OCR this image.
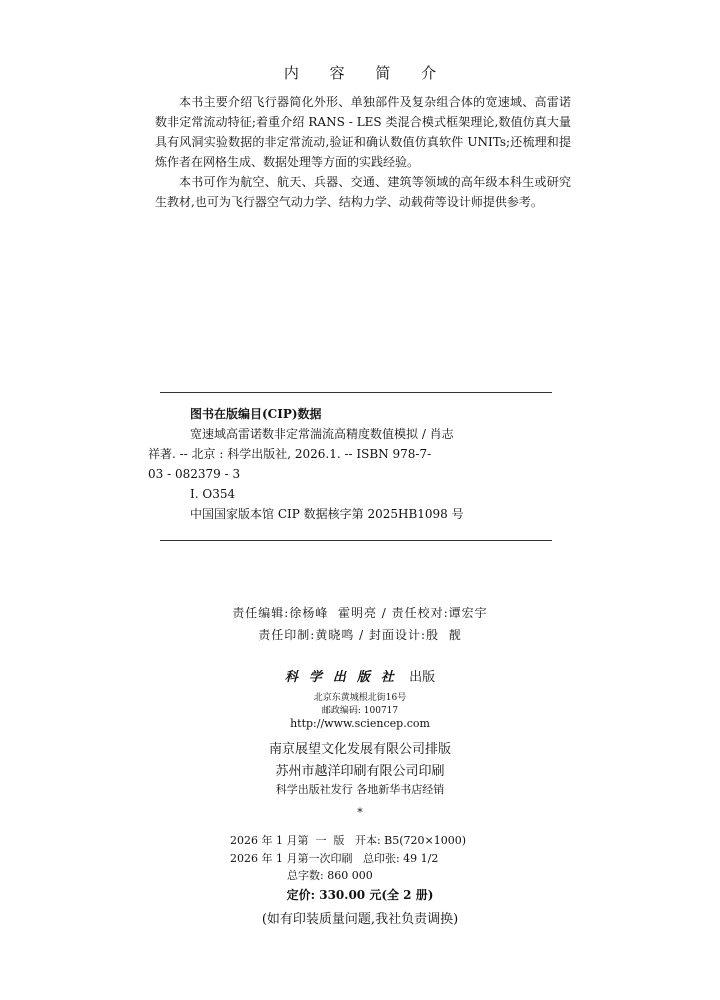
内 容 简 介

本书主要介绍飞行器简化外形、单独部件及复杂组合体的宽速域、高雷诺数非定常流动特征;着重介绍 RANS - LES 类混合模式框架理论,数值仿真大量具有风洞实验数据的非定常流动,验证和确认数值仿真软件 UNITs;还梳理和提炼作者在网格生成、数据处理等方面的实践经验。

本书可作为航空、航天、兵器、交通、建筑等领域的高年级本科生或研究生教材,也可为飞行器空气动力学、结构力学、动载荷等设计师提供参考。

图书在版编目(CIP)数据
宽速域高雷诺数非定常湍流高精度数值模拟 / 肖志
祥著. -- 北京 : 科学出版社, 2026.1. -- ISBN 978-7-
03 - 082379 - 3
Ⅰ. O354
中国国家版本馆 CIP 数据核字第 2025HB1098 号
责任编辑:徐杨峰  霍明亮 / 责任校对:谭宏宇
责任印制:黄晓鸣 / 封面设计:殷  靓
科学出版社 出版
北京东黄城根北街16号
邮政编码: 100717
http://www.sciencep.com
南京展望文化发展有限公司排版
苏州市越洋印刷有限公司印刷
科学出版社发行 各地新华书店经销
*
2026 年 1 月第  一  版   开本: B5(720×1000)
2026 年 1 月第一次印刷   总印张: 49 1/2
总字数: 860 000
定价: 330.00 元(全 2 册)
(如有印装质量问题,我社负责调换)
